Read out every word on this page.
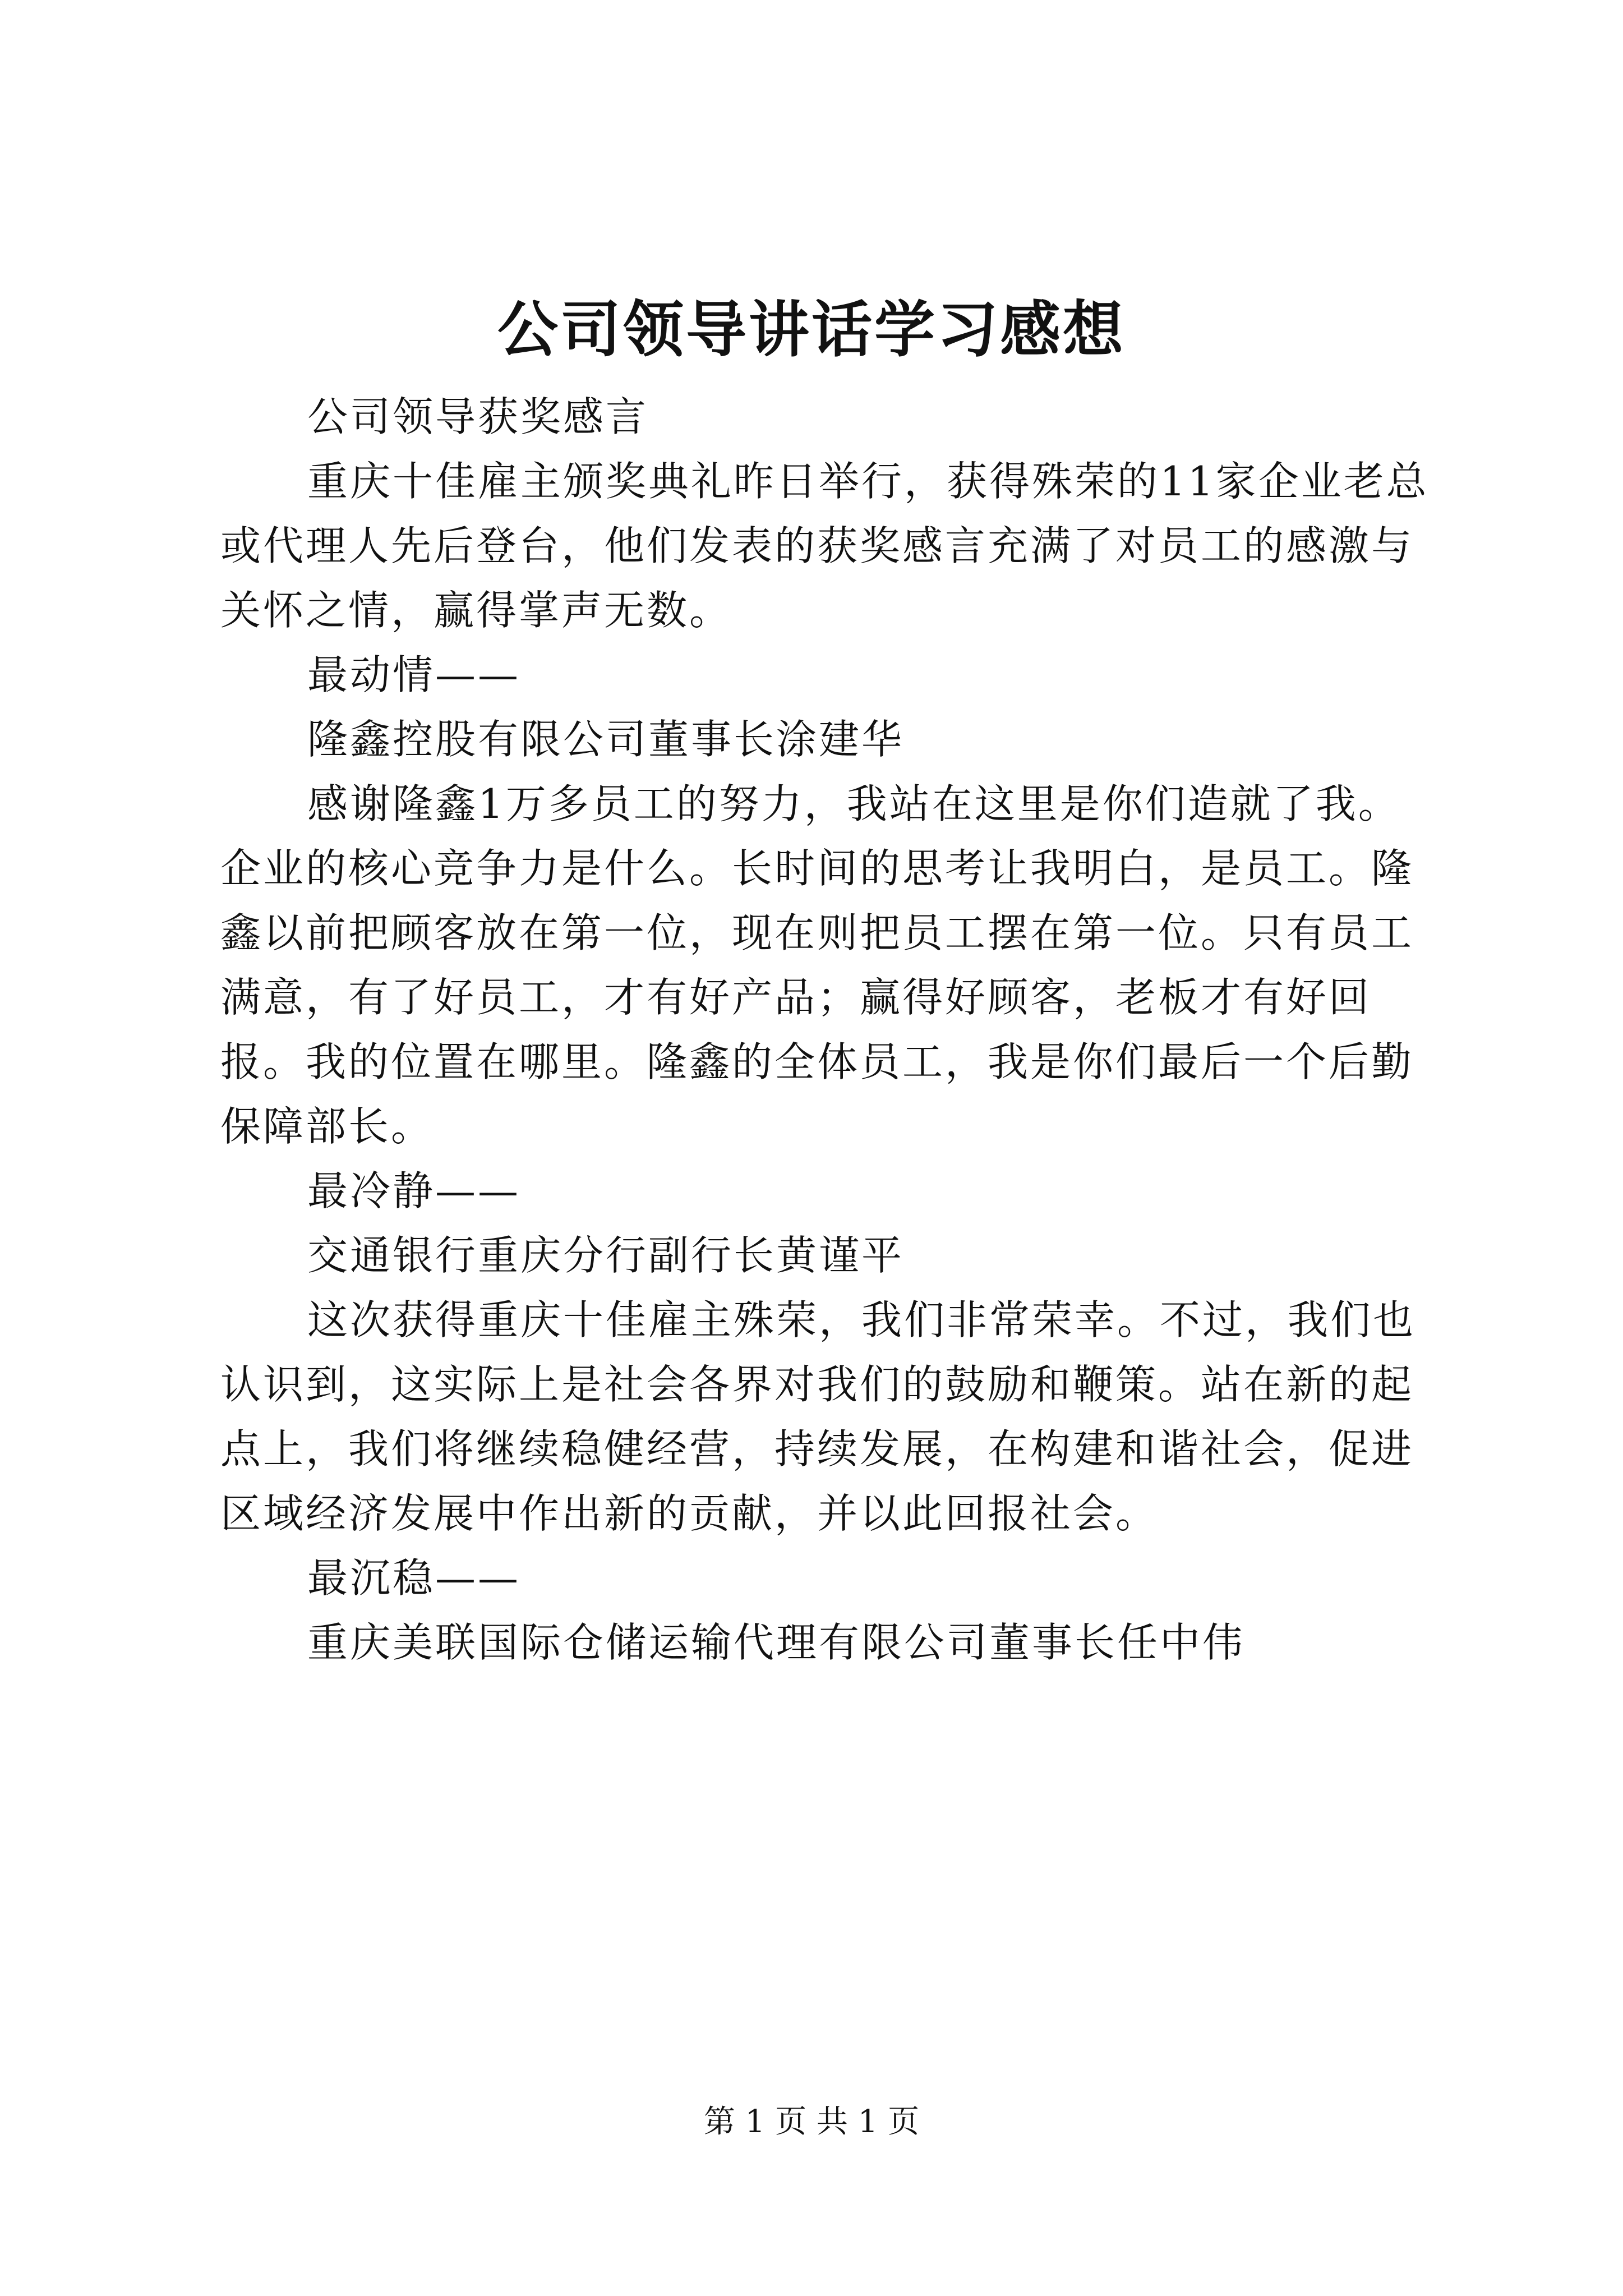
公司领导讲话学习感想

公司领导获奖感言

重庆十佳雇主颁奖典礼昨日举行，获得殊荣的11家企业老总或代理人先后登台，他们发表的获奖感言充满了对员工的感激与关怀之情，赢得掌声无数。

最动情——

隆鑫控股有限公司董事长涂建华

感谢隆鑫1万多员工的努力，我站在这里是你们造就了我。企业的核心竞争力是什么。长时间的思考让我明白，是员工。隆鑫以前把顾客放在第一位，现在则把员工摆在第一位。只有员工满意，有了好员工，才有好产品；赢得好顾客，老板才有好回报。我的位置在哪里。隆鑫的全体员工，我是你们最后一个后勤保障部长。

最冷静——

交通银行重庆分行副行长黄谨平

这次获得重庆十佳雇主殊荣，我们非常荣幸。不过，我们也认识到，这实际上是社会各界对我们的鼓励和鞭策。站在新的起点上，我们将继续稳健经营，持续发展，在构建和谐社会，促进区域经济发展中作出新的贡献，并以此回报社会。

最沉稳——

重庆美联国际仓储运输代理有限公司董事长任中伟

第 1 页 共 1 页
